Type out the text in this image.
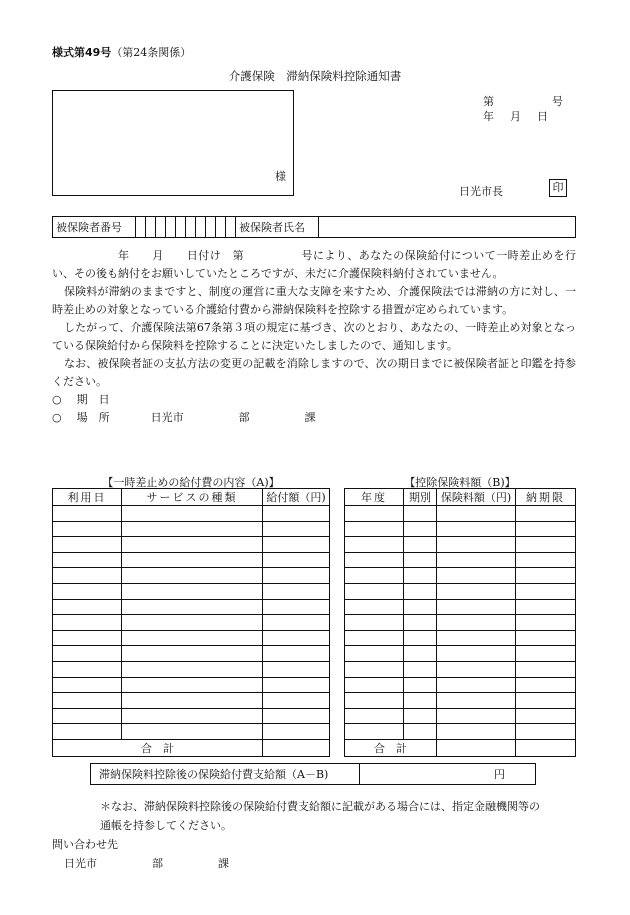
様式第49号（第24条関係）
介護保険　滞納保険料控除通知書
様
第	号
年 月 日
日光市長	印
被保険者番号											被保険者氏名	

年　　月　　日付け　第　　　　　号により、あなたの保険給付について一時差止めを行い、その後も納付をお願いしていたところですが、未だに介護保険料納付されていません。

保険料が滞納のままですと、制度の運営に重大な支障を来すため、介護保険法では滞納の方に対し、一時差止めの対象となっている介護給付費から滞納保険料を控除する措置が定められています。

したがって、介護保険法第67条第３項の規定に基づき、次のとおり、あなたの、一時差止め対象となっている保険給付から保険料を控除することに決定いたしましたので、通知します。

なお、被保険者証の支払方法の変更の記載を消除しますので、次の期日までに被保険者証と印鑑を持参ください。

○ 期　日
○ 場　所	日光市	部	課
【一時差止めの給付費の内容（A)】	【控除保険料額（B)】
利用日	サービスの種類	給付額（円)

合　計		
年度	期別	保険料額（円)	納期限

合　計			
滞納保険料控除後の保険給付費支給額（A－B)	円
＊なお、滞納保険料控除後の保険給付費支給額に記載がある場合には、指定金融機関等の通帳を持参してください。
問い合わせ先
日光市	部	課
